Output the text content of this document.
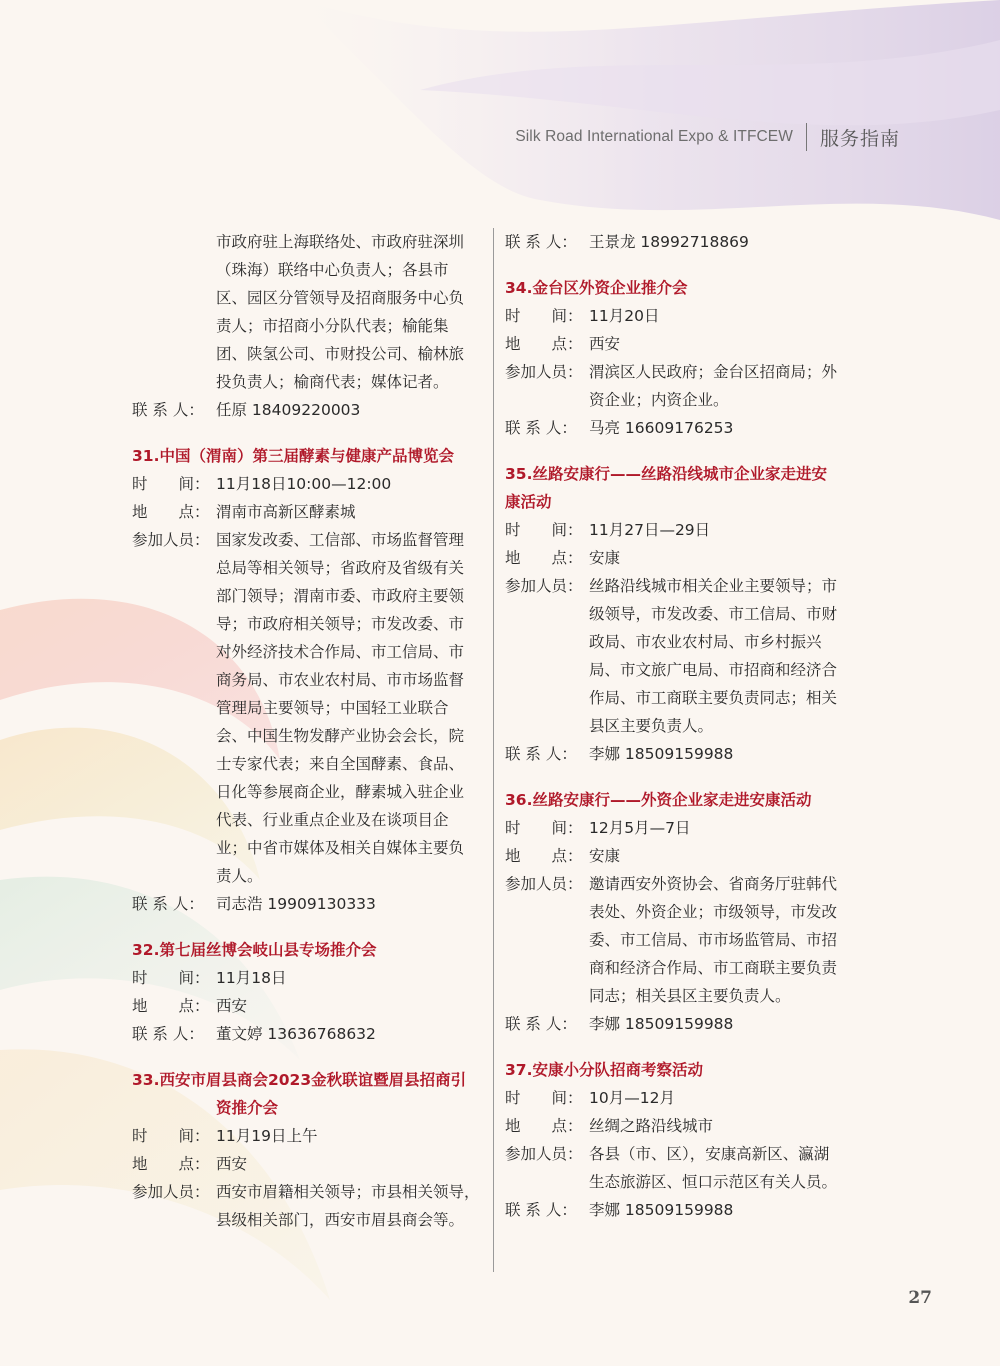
Silk Road International Expo & ITFCEW 服务指南
市政府驻上海联络处、市政府驻深圳
（珠海）联络中心负责人；各县市
区、园区分管领导及招商服务中心负
责人；市招商小分队代表；榆能集
团、陕氢公司、市财投公司、榆林旅
投负责人；榆商代表；媒体记者。
联 系 人： 任原 18409220003
31.中国（渭南）第三届酵素与健康产品博览会
时　　间： 11月18日10:00—12:00
地　　点： 渭南市高新区酵素城
参加人员： 国家发改委、工信部、市场监督管理
总局等相关领导；省政府及省级有关
部门领导；渭南市委、市政府主要领
导；市政府相关领导；市发改委、市
对外经济技术合作局、市工信局、市
商务局、市农业农村局、市市场监督
管理局主要领导；中国轻工业联合
会、中国生物发酵产业协会会长，院
士专家代表；来自全国酵素、食品、
日化等参展商企业，酵素城入驻企业
代表、行业重点企业及在谈项目企
业；中省市媒体及相关自媒体主要负
责人。
联 系 人： 司志浩 19909130333
32.第七届丝博会岐山县专场推介会
时　　间： 11月18日
地　　点： 西安
联 系 人： 董文婷 13636768632
33.西安市眉县商会2023金秋联谊暨眉县招商引
资推介会
时　　间： 11月19日上午
地　　点： 西安
参加人员： 西安市眉籍相关领导；市县相关领导，
县级相关部门，西安市眉县商会等。
联 系 人： 王景龙 18992718869
34.金台区外资企业推介会
时　　间： 11月20日
地　　点： 西安
参加人员： 渭滨区人民政府；金台区招商局；外
资企业；内资企业。
联 系 人： 马亮 16609176253
35.丝路安康行——丝路沿线城市企业家走进安
康活动
时　　间： 11月27日—29日
地　　点： 安康
参加人员： 丝路沿线城市相关企业主要领导；市
级领导，市发改委、市工信局、市财
政局、市农业农村局、市乡村振兴
局、市文旅广电局、市招商和经济合
作局、市工商联主要负责同志；相关
县区主要负责人。
联 系 人： 李娜 18509159988
36.丝路安康行——外资企业家走进安康活动
时　　间： 12月5月—7日
地　　点： 安康
参加人员： 邀请西安外资协会、省商务厅驻韩代
表处、外资企业；市级领导，市发改
委、市工信局、市市场监管局、市招
商和经济合作局、市工商联主要负责
同志；相关县区主要负责人。
联 系 人： 李娜 18509159988
37.安康小分队招商考察活动
时　　间： 10月—12月
地　　点： 丝绸之路沿线城市
参加人员： 各县（市、区），安康高新区、瀛湖
生态旅游区、恒口示范区有关人员。
联 系 人： 李娜 18509159988
27
